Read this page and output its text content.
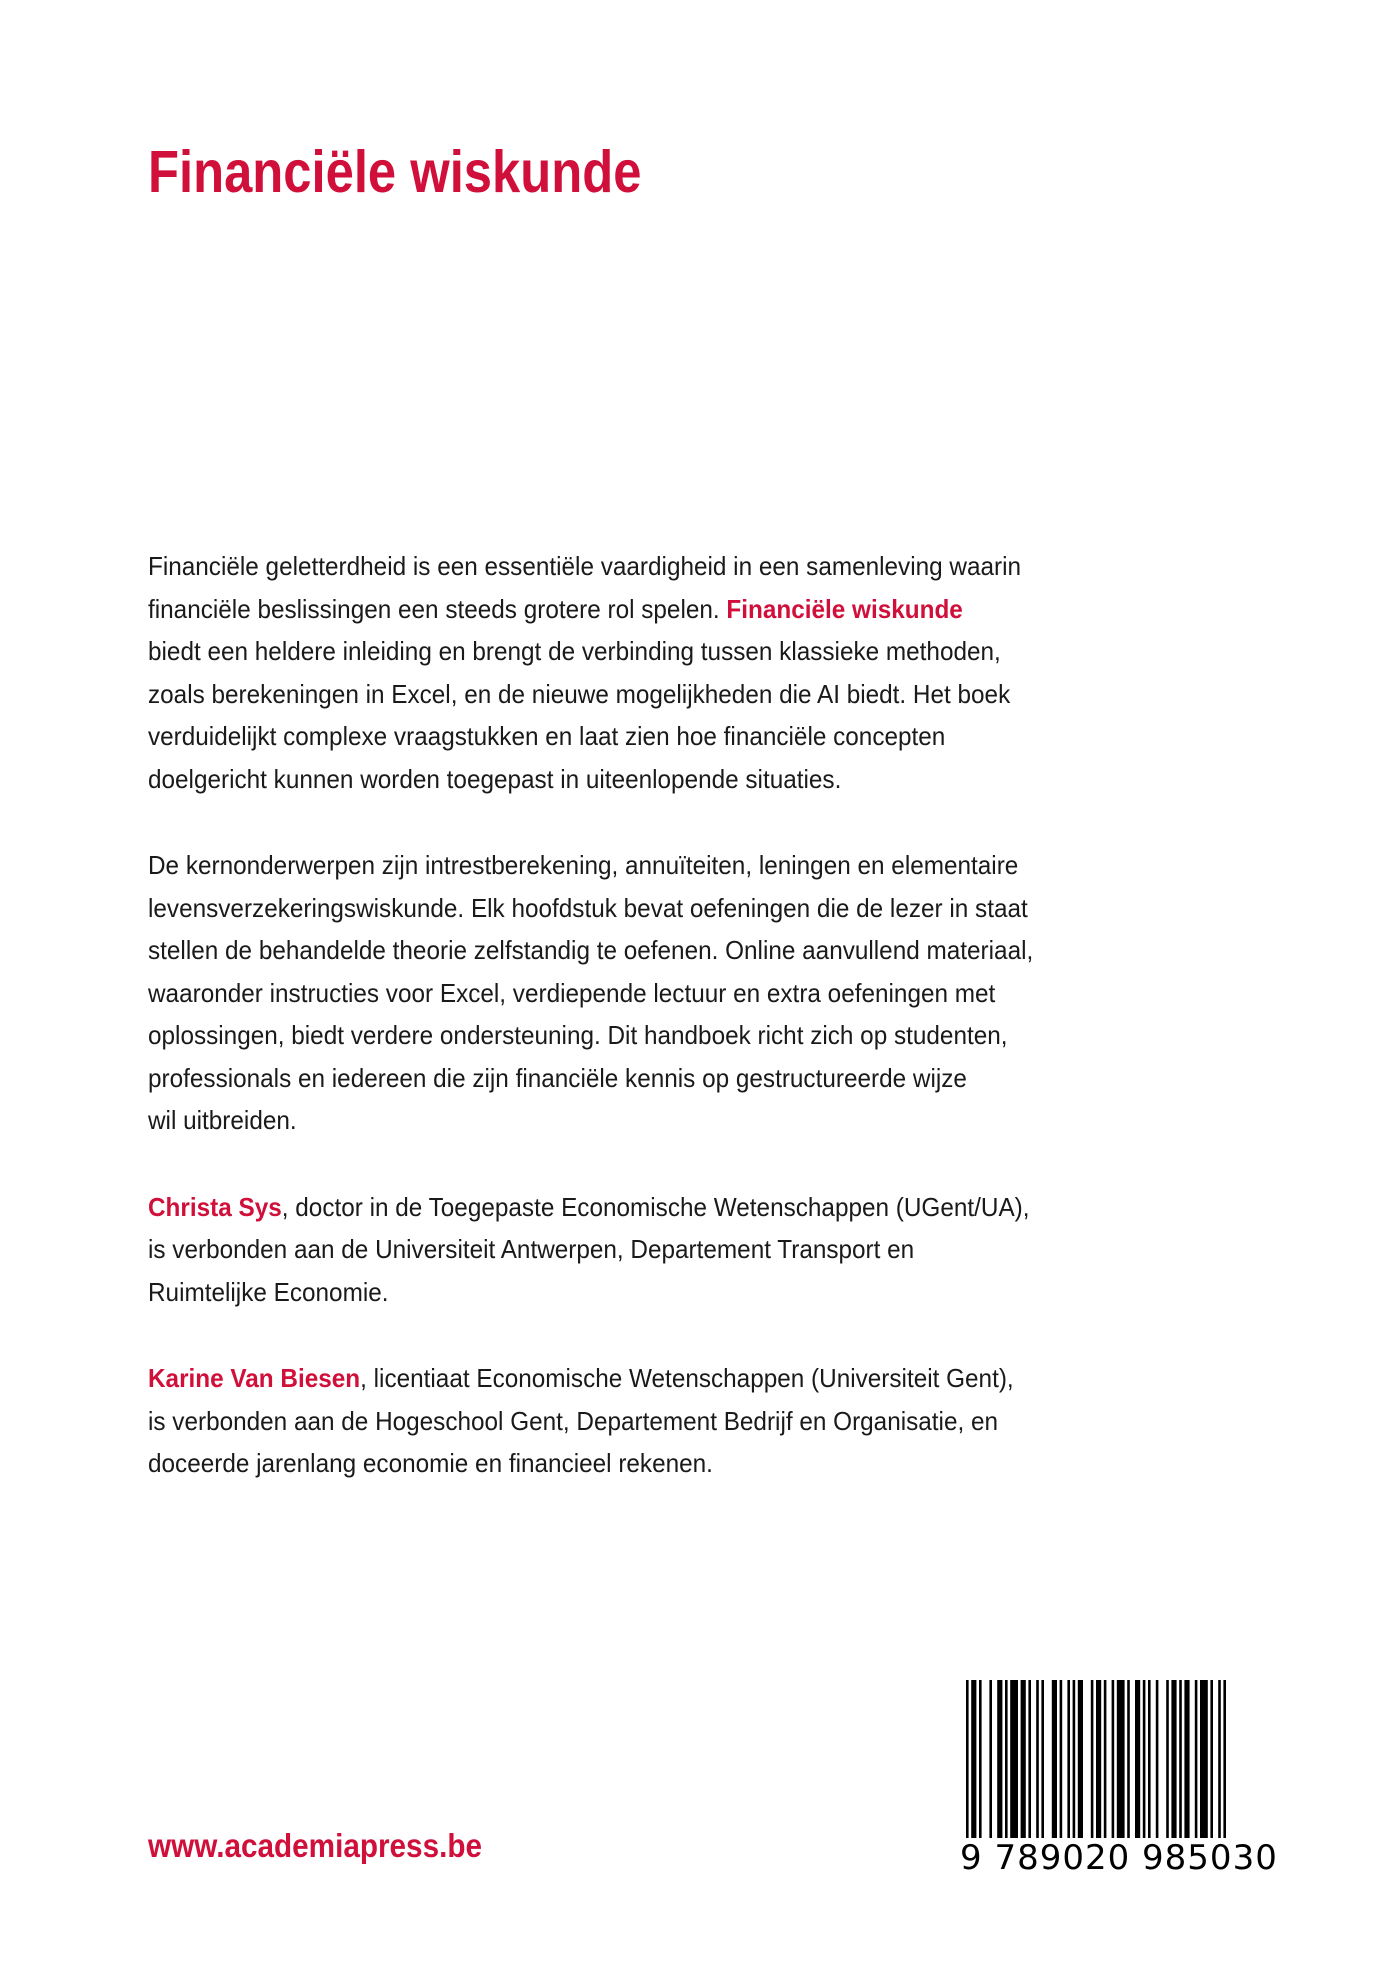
Financiële wiskunde

Financiële geletterdheid is een essentiële vaardigheid in een samenleving waarin
financiële beslissingen een steeds grotere rol spelen. Financiële wiskunde
biedt een heldere inleiding en brengt de verbinding tussen klassieke methoden,
zoals berekeningen in Excel, en de nieuwe mogelijkheden die AI biedt. Het boek
verduidelijkt complexe vraagstukken en laat zien hoe financiële concepten
doelgericht kunnen worden toegepast in uiteenlopende situaties.

De kernonderwerpen zijn intrestberekening, annuïteiten, leningen en elementaire
levensverzekeringswiskunde. Elk hoofdstuk bevat oefeningen die de lezer in staat
stellen de behandelde theorie zelfstandig te oefenen. Online aanvullend materiaal,
waaronder instructies voor Excel, verdiepende lectuur en extra oefeningen met
oplossingen, biedt verdere ondersteuning. Dit handboek richt zich op studenten,
professionals en iedereen die zijn financiële kennis op gestructureerde wijze
wil uitbreiden.

Christa Sys, doctor in de Toegepaste Economische Wetenschappen (UGent/UA),
is verbonden aan de Universiteit Antwerpen, Departement Transport en
Ruimtelijke Economie.

Karine Van Biesen, licentiaat Economische Wetenschappen (Universiteit Gent),
is verbonden aan de Hogeschool Gent, Departement Bedrijf en Organisatie, en
doceerde jarenlang economie en financieel rekenen.

www.academiapress.be	9 789020 985030
